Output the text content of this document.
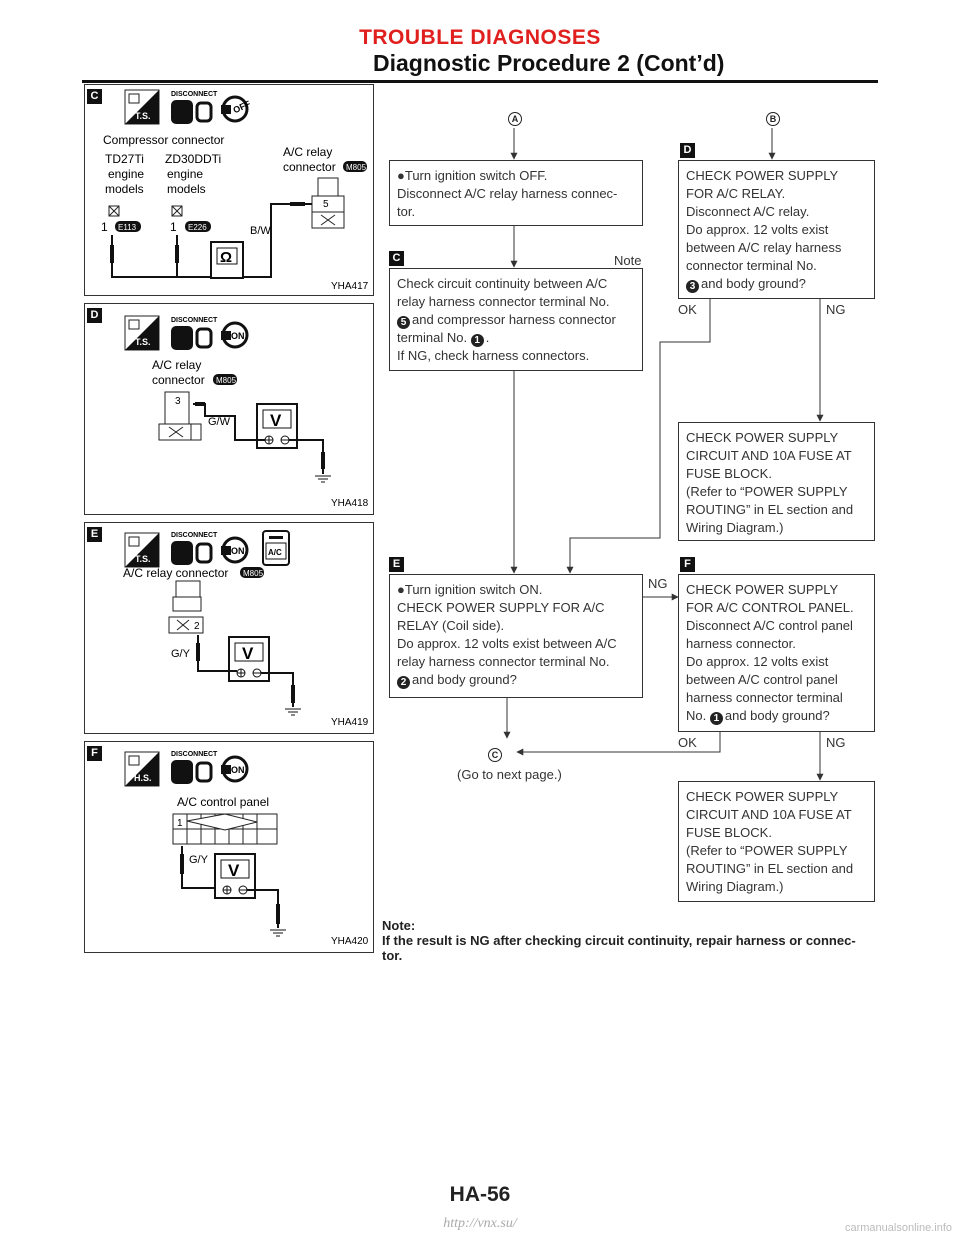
TROUBLE DIAGNOSES
Diagnostic Procedure 2 (Cont’d)
C
T.S.
DISCONNECT
OFF
Compressor connector
TD27Ti
engine
models
ZD30DDTi
engine
models
A/C relay
connector M805
5
1 E113	1 E226
Ω
B/W
YHA417
D
T.S.
DISCONNECT
ON
A/C relay
connector M805
3
G/W V
YHA418
E
T.S.
DISCONNECT
ON	A/C
A/C relay connector M805
2
G/Y	V
YHA419
F
H.S.
DISCONNECT
ON
A/C control panel
1
G/Y
V
YHA420
A	B
C
(Go to next page.)
●Turn ignition switch OFF.
Disconnect A/C relay harness connec-
tor.
C	Note
Check circuit continuity between A/C
relay harness connector terminal No.
5 and compressor harness connector
terminal No. 1 .
If NG, check harness connectors.
D
CHECK POWER SUPPLY
FOR A/C RELAY.
Disconnect A/C relay.
Do approx. 12 volts exist
between A/C relay harness
connector terminal No.
3 and body ground?
OK	NG
CHECK POWER SUPPLY
CIRCUIT AND 10A FUSE AT
FUSE BLOCK.
(Refer to “POWER SUPPLY
ROUTING” in EL section and
Wiring Diagram.)
E
●Turn ignition switch ON.
CHECK POWER SUPPLY FOR A/C
RELAY (Coil side).
Do approx. 12 volts exist between A/C
relay harness connector terminal No.
2 and body ground?
NG
F
CHECK POWER SUPPLY
FOR A/C CONTROL PANEL.
Disconnect A/C control panel
harness connector.
Do approx. 12 volts exist
between A/C control panel
harness connector terminal
No. 1 and body ground?
OK	NG
CHECK POWER SUPPLY
CIRCUIT AND 10A FUSE AT
FUSE BLOCK.
(Refer to “POWER SUPPLY
ROUTING” in EL section and
Wiring Diagram.)
Note:
If the result is NG after checking circuit continuity, repair harness or connec-
tor.
HA-56
http://vnx.su/	carmanualsonline.info
